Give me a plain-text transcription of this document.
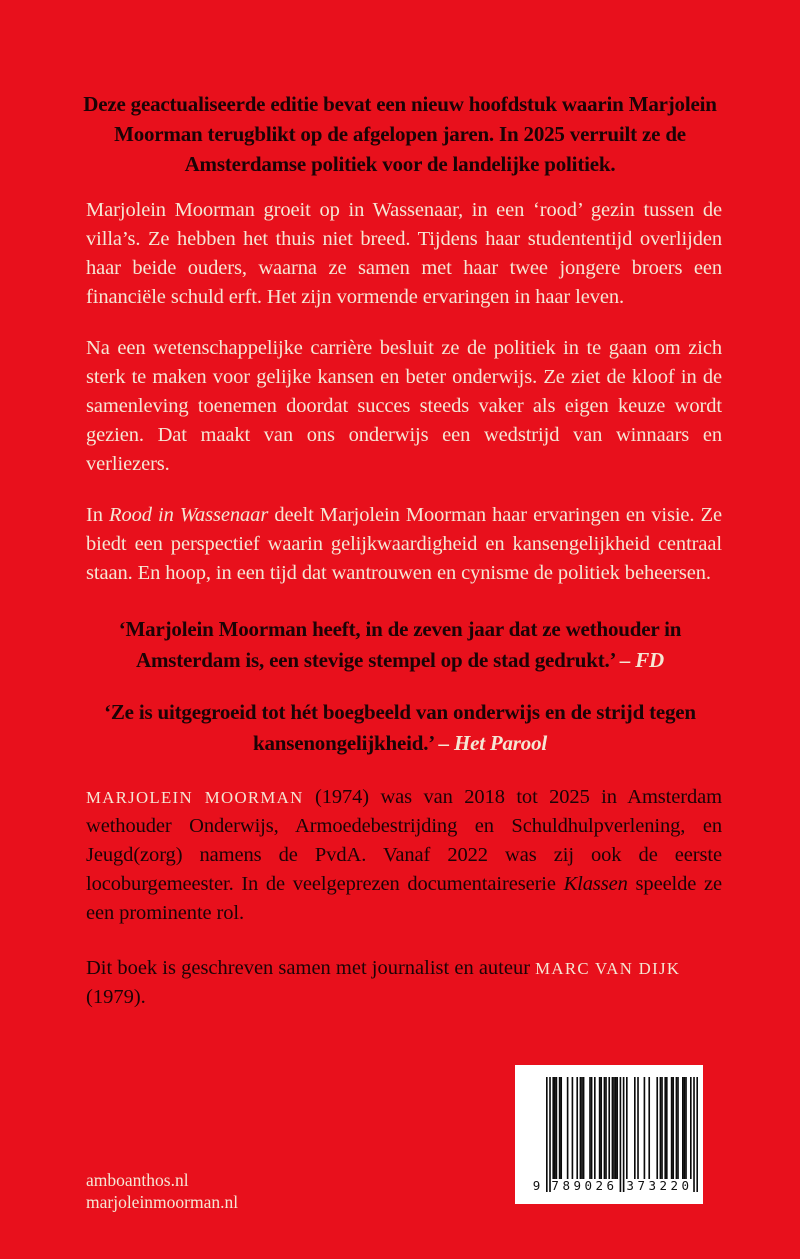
Deze geactualiseerde editie bevat een nieuw hoofdstuk waarin Marjolein Moorman terugblikt op de afgelopen jaren. In 2025 verruilt ze de Amsterdamse politiek voor de landelijke politiek.
Marjolein Moorman groeit op in Wassenaar, in een ‘rood’ gezin tussen de villa’s. Ze hebben het thuis niet breed. Tijdens haar studententijd overlijden haar beide ouders, waarna ze samen met haar twee jongere broers een financiële schuld erft. Het zijn vormende ervaringen in haar leven.
Na een wetenschappelijke carrière besluit ze de politiek in te gaan om zich sterk te maken voor gelijke kansen en beter onderwijs. Ze ziet de kloof in de samenleving toenemen doordat succes steeds vaker als eigen keuze wordt gezien. Dat maakt van ons onderwijs een wedstrijd van winnaars en verliezers.
In Rood in Wassenaar deelt Marjolein Moorman haar ervaringen en visie. Ze biedt een perspectief waarin gelijkwaardigheid en kansengelijkheid centraal staan. En hoop, in een tijd dat wantrouwen en cynisme de politiek beheersen.
‘Marjolein Moorman heeft, in de zeven jaar dat ze wethouder in Amsterdam is, een stevige stempel op de stad gedrukt.’ – FD
‘Ze is uitgegroeid tot hét boegbeeld van onderwijs en de strijd tegen kansenongelijkheid.’ – Het Parool
MARJOLEIN MOORMAN (1974) was van 2018 tot 2025 in Amsterdam wethouder Onderwijs, Armoedebestrijding en Schuldhulpverlening, en Jeugd(zorg) namens de PvdA. Vanaf 2022 was zij ook de eerste locoburgemeester. In de veelgeprezen documentaireserie Klassen speelde ze een prominente rol.
Dit boek is geschreven samen met journalist en auteur MARC VAN DIJK (1979).
amboanthos.nl
marjoleinmoorman.nl
9 789026 373220
